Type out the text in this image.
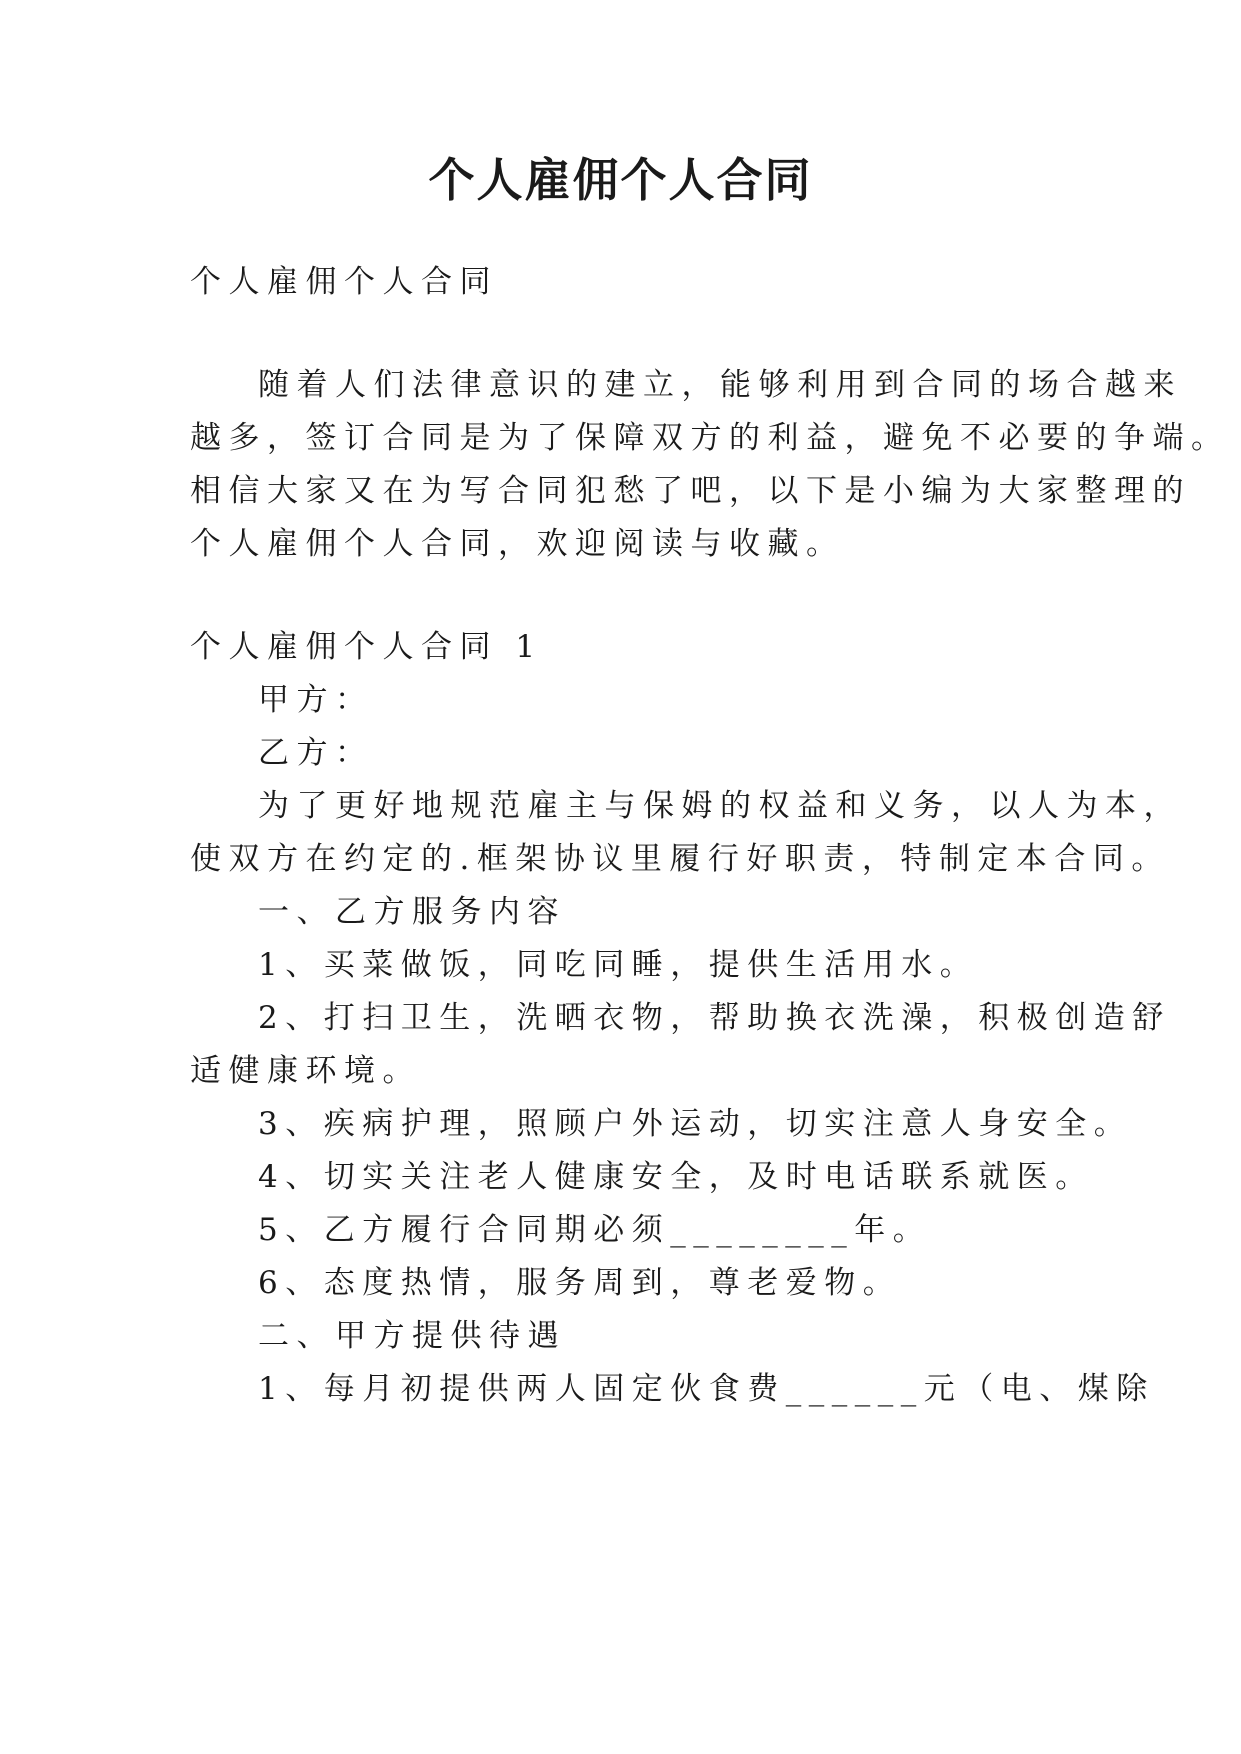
个人雇佣个人合同

个人雇佣个人合同

随着人们法律意识的建立，能够利用到合同的场合越来

越多，签订合同是为了保障双方的利益，避免不必要的争端。

相信大家又在为写合同犯愁了吧，以下是小编为大家整理的

个人雇佣个人合同，欢迎阅读与收藏。

个人雇佣个人合同 1

甲方：

乙方：

为了更好地规范雇主与保姆的权益和义务，以人为本，

使双方在约定的.框架协议里履行好职责，特制定本合同。

一、乙方服务内容

1、买菜做饭，同吃同睡，提供生活用水。

2、打扫卫生，洗晒衣物，帮助换衣洗澡，积极创造舒

适健康环境。

3、疾病护理，照顾户外运动，切实注意人身安全。

4、切实关注老人健康安全，及时电话联系就医。

5、乙方履行合同期必须________年。

6、态度热情，服务周到，尊老爱物。

二、甲方提供待遇

1、每月初提供两人固定伙食费______元（电、煤除
